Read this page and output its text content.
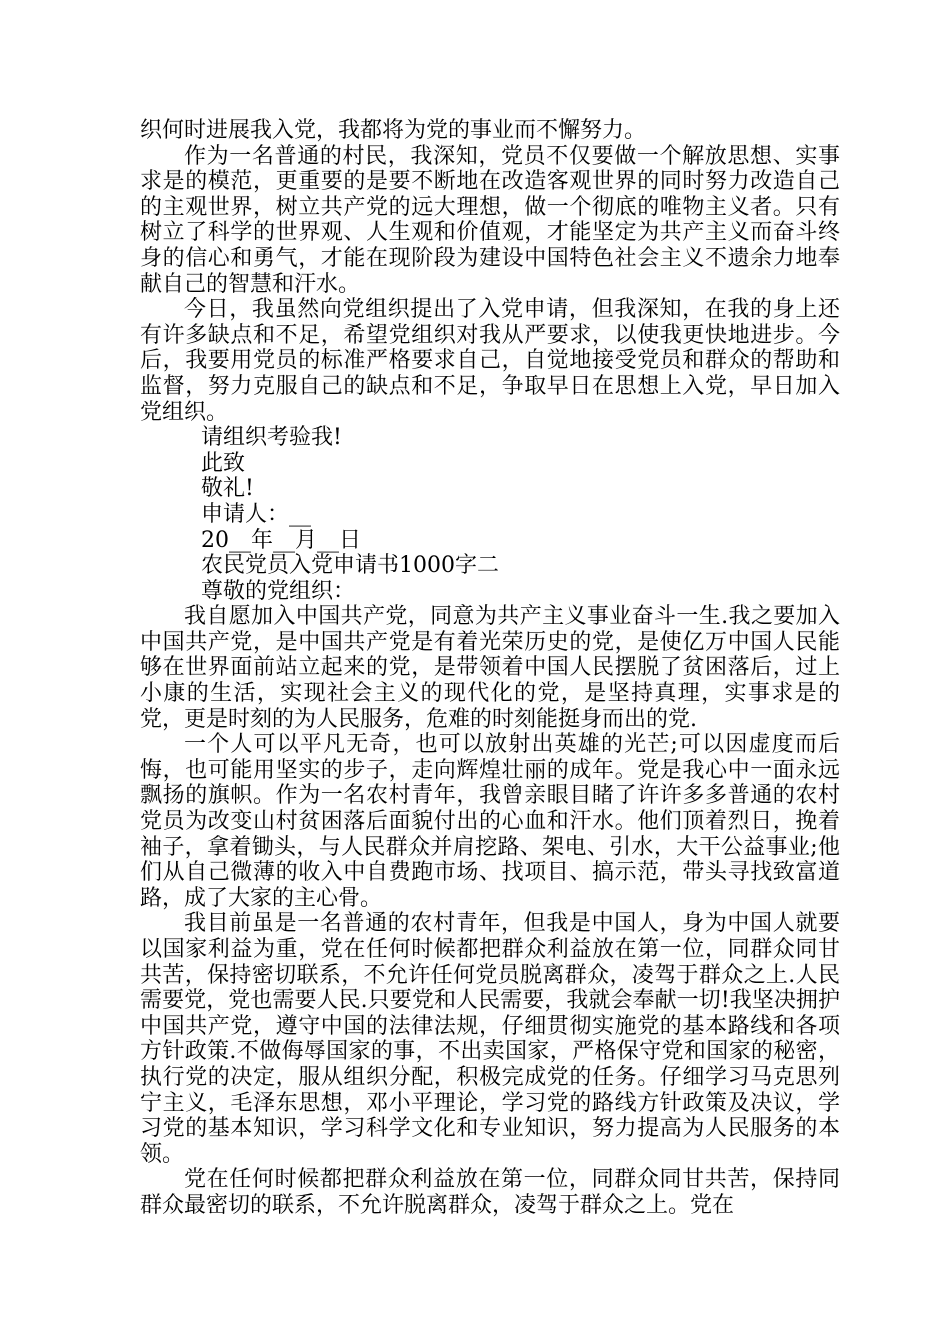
织何时进展我入党，我都将为党的事业而不懈努力。

作为一名普通的村民，我深知，党员不仅要做一个解放思想、实事求是的模范，更重要的是要不断地在改造客观世界的同时努力改造自己的主观世界，树立共产党的远大理想，做一个彻底的唯物主义者。只有树立了科学的世界观、人生观和价值观，才能坚定为共产主义而奋斗终身的信心和勇气，才能在现阶段为建设中国特色社会主义不遗余力地奉献自己的智慧和汗水。

今日，我虽然向党组织提出了入党申请，但我深知，在我的身上还有许多缺点和不足，希望党组织对我从严要求，以使我更快地进步。今后，我要用党员的标准严格要求自己，自觉地接受党员和群众的帮助和监督，努力克服自己的缺点和不足，争取早日在思想上入党，早日加入党组织。

请组织考验我!

此致

敬礼!

申请人：__

20__年__月__日

农民党员入党申请书1000字二

尊敬的党组织：

我自愿加入中国共产党，同意为共产主义事业奋斗一生.我之要加入中国共产党，是中国共产党是有着光荣历史的党，是使亿万中国人民能够在世界面前站立起来的党，是带领着中国人民摆脱了贫困落后，过上小康的生活，实现社会主义的现代化的党，是坚持真理，实事求是的党，更是时刻的为人民服务，危难的时刻能挺身而出的党.

一个人可以平凡无奇，也可以放射出英雄的光芒;可以因虚度而后悔，也可能用坚实的步子，走向辉煌壮丽的成年。党是我心中一面永远飘扬的旗帜。作为一名农村青年，我曾亲眼目睹了许许多多普通的农村党员为改变山村贫困落后面貌付出的心血和汗水。他们顶着烈日，挽着袖子，拿着锄头，与人民群众并肩挖路、架电、引水，大干公益事业;他们从自己微薄的收入中自费跑市场、找项目、搞示范，带头寻找致富道路，成了大家的主心骨。

我目前虽是一名普通的农村青年，但我是中国人，身为中国人就要以国家利益为重，党在任何时候都把群众利益放在第一位，同群众同甘共苦，保持密切联系，不允许任何党员脱离群众，凌驾于群众之上.人民需要党，党也需要人民.只要党和人民需要，我就会奉献一切!我坚决拥护中国共产党，遵守中国的法律法规，仔细贯彻实施党的基本路线和各项方针政策.不做侮辱国家的事，不出卖国家，严格保守党和国家的秘密，执行党的决定，服从组织分配，积极完成党的任务。仔细学习马克思列宁主义，毛泽东思想，邓小平理论，学习党的路线方针政策及决议，学习党的基本知识，学习科学文化和专业知识，努力提高为人民服务的本领。

党在任何时候都把群众利益放在第一位，同群众同甘共苦，保持同群众最密切的联系，不允许脱离群众，凌驾于群众之上。党在
